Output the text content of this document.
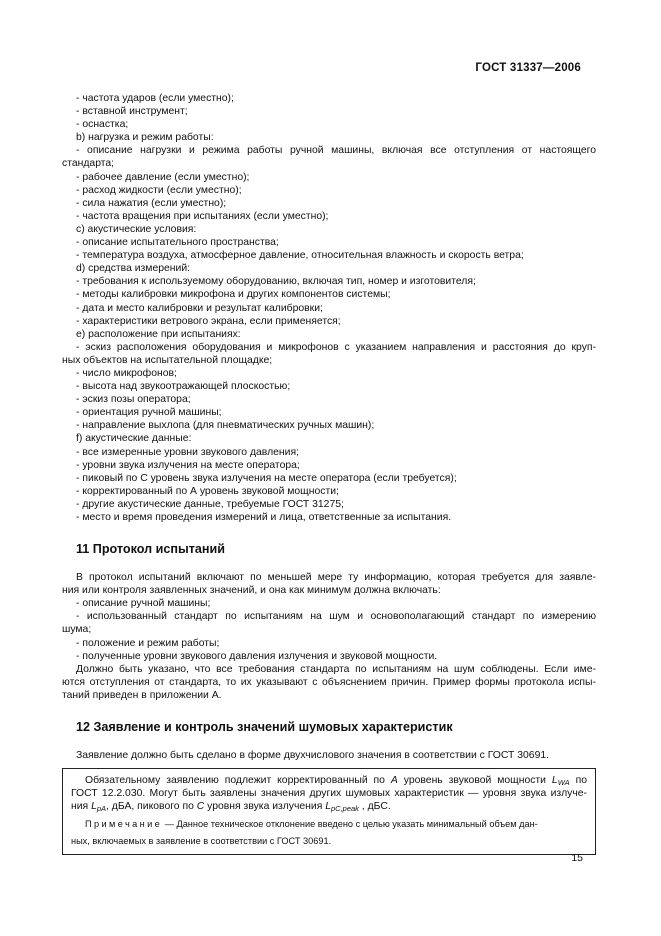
ГОСТ 31337—2006
- частота ударов (если уместно);
- вставной инструмент;
- оснастка;
b) нагрузка и режим работы:
- описание нагрузки и режима работы ручной машины, включая все отступления от настоящего
стандарта;
- рабочее давление (если уместно);
- расход жидкости (если уместно);
- сила нажатия (если уместно);
- частота вращения при испытаниях (если уместно);
c) акустические условия:
- описание испытательного пространства;
- температура воздуха, атмосферное давление, относительная влажность и скорость ветра;
d) средства измерений:
- требования к используемому оборудованию, включая тип, номер и изготовителя;
- методы калибровки микрофона и других компонентов системы;
- дата и место калибровки и результат калибровки;
- характеристики ветрового экрана, если применяется;
e) расположение при испытаниях:
- эскиз расположения оборудования и микрофонов с указанием направления и расстояния до круп-
ных объектов на испытательной площадке;
- число микрофонов;
- высота над звукоотражающей плоскостью;
- эскиз позы оператора;
- ориентация ручной машины;
- направление выхлопа (для пневматических ручных машин);
f) акустические данные:
- все измеренные уровни звукового давления;
- уровни звука излучения на месте оператора;
- пиковый по С уровень звука излучения на месте оператора (если требуется);
- корректированный по А уровень звуковой мощности;
- другие акустические данные, требуемые ГОСТ 31275;
- место и время проведения измерений и лица, ответственные за испытания.
11 Протокол испытаний
В протокол испытаний включают по меньшей мере ту информацию, которая требуется для заявле-
ния или контроля заявленных значений, и она как минимум должна включать:
- описание ручной машины;
- использованный стандарт по испытаниям на шум и основополагающий стандарт по измерению
шума;
- положение и режим работы;
- полученные уровни звукового давления излучения и звуковой мощности.
Должно быть указано, что все требования стандарта по испытаниям на шум соблюдены. Если име-
ются отступления от стандарта, то их указывают с объяснением причин. Пример формы протокола испы-
таний приведен в приложении А.
12 Заявление и контроль значений шумовых характеристик
Заявление должно быть сделано в форме двухчислового значения в соответствии с ГОСТ 30691.
Обязательному заявлению подлежит корректированный по A уровень звуковой мощности $L_{WA}$ по
ГОСТ 12.2.030. Могут быть заявлены значения других шумовых характеристик — уровня звука излуче-
ния $L_{pA}$, дБА, пикового по C уровня звука излучения $L_{pC,peak}$ , дБС.
Примечание — Данное техническое отклонение введено с целью указать минимальный объем дан-
ных, включаемых в заявление в соответствии с ГОСТ 30691.
15
